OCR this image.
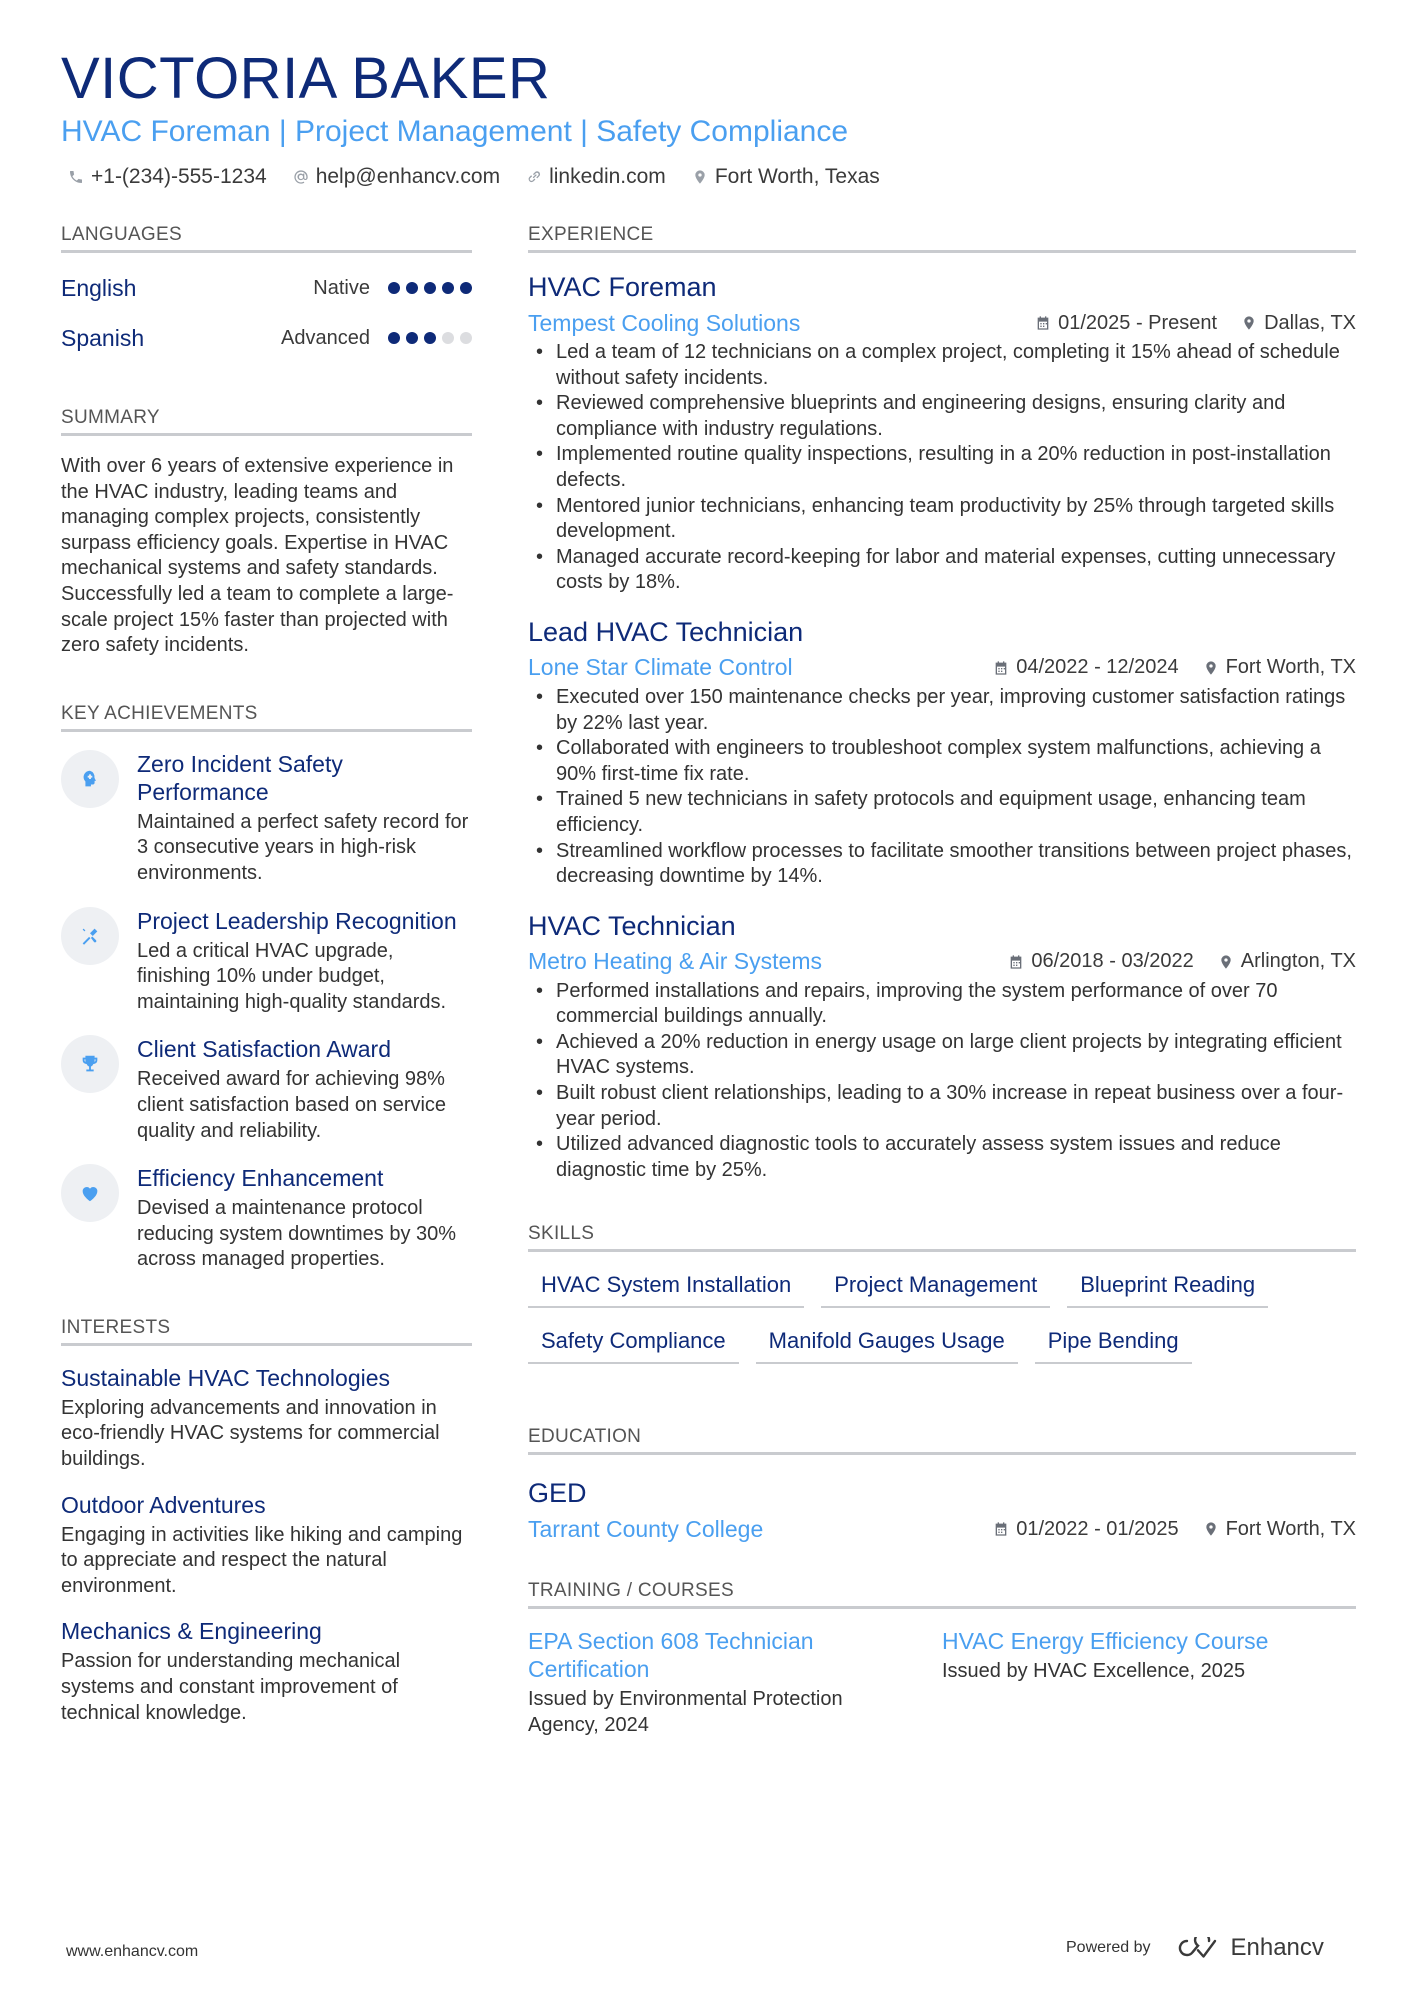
VICTORIA BAKER
HVAC Foreman | Project Management | Safety Compliance
+1-(234)-555-1234 help@enhancv.com linkedin.com Fort Worth, Texas
LANGUAGES
English	Native
Spanish	Advanced
SUMMARY

With over 6 years of extensive experience in the HVAC industry, leading teams and managing complex projects, consistently surpass efficiency goals. Expertise in HVAC mechanical systems and safety standards. Successfully led a team to complete a large-scale project 15% faster than projected with zero safety incidents.

KEY ACHIEVEMENTS
Zero Incident Safety Performance
Maintained a perfect safety record for 3 consecutive years in high-risk environments.
Project Leadership Recognition
Led a critical HVAC upgrade, finishing 10% under budget, maintaining high-quality standards.
Client Satisfaction Award
Received award for achieving 98% client satisfaction based on service quality and reliability.
Efficiency Enhancement
Devised a maintenance protocol reducing system downtimes by 30% across managed properties.
INTERESTS
Sustainable HVAC Technologies
Exploring advancements and innovation in eco-friendly HVAC systems for commercial buildings.
Outdoor Adventures
Engaging in activities like hiking and camping to appreciate and respect the natural environment.
Mechanics & Engineering
Passion for understanding mechanical systems and constant improvement of technical knowledge.
EXPERIENCE
HVAC Foreman
Tempest Cooling Solutions	01/2025 - Present Dallas, TX
• Led a team of 12 technicians on a complex project, completing it 15% ahead of schedule without safety incidents.
• Reviewed comprehensive blueprints and engineering designs, ensuring clarity and compliance with industry regulations.
• Implemented routine quality inspections, resulting in a 20% reduction in post-installation defects.
• Mentored junior technicians, enhancing team productivity by 25% through targeted skills development.
• Managed accurate record-keeping for labor and material expenses, cutting unnecessary costs by 18%.
Lead HVAC Technician
Lone Star Climate Control	04/2022 - 12/2024 Fort Worth, TX
• Executed over 150 maintenance checks per year, improving customer satisfaction ratings by 22% last year.
• Collaborated with engineers to troubleshoot complex system malfunctions, achieving a 90% first-time fix rate.
• Trained 5 new technicians in safety protocols and equipment usage, enhancing team efficiency.
• Streamlined workflow processes to facilitate smoother transitions between project phases, decreasing downtime by 14%.
HVAC Technician
Metro Heating & Air Systems	06/2018 - 03/2022 Arlington, TX
• Performed installations and repairs, improving the system performance of over 70 commercial buildings annually.
• Achieved a 20% reduction in energy usage on large client projects by integrating efficient HVAC systems.
• Built robust client relationships, leading to a 30% increase in repeat business over a four-year period.
• Utilized advanced diagnostic tools to accurately assess system issues and reduce diagnostic time by 25%.
SKILLS
HVAC System Installation	Project Management	Blueprint Reading
Safety Compliance	Manifold Gauges Usage	Pipe Bending
EDUCATION
GED
Tarrant County College	01/2022 - 01/2025 Fort Worth, TX
TRAINING / COURSES
EPA Section 608 Technician Certification
Issued by Environmental Protection Agency, 2024
HVAC Energy Efficiency Course
Issued by HVAC Excellence, 2025
www.enhancv.com	Powered by	Enhancv
